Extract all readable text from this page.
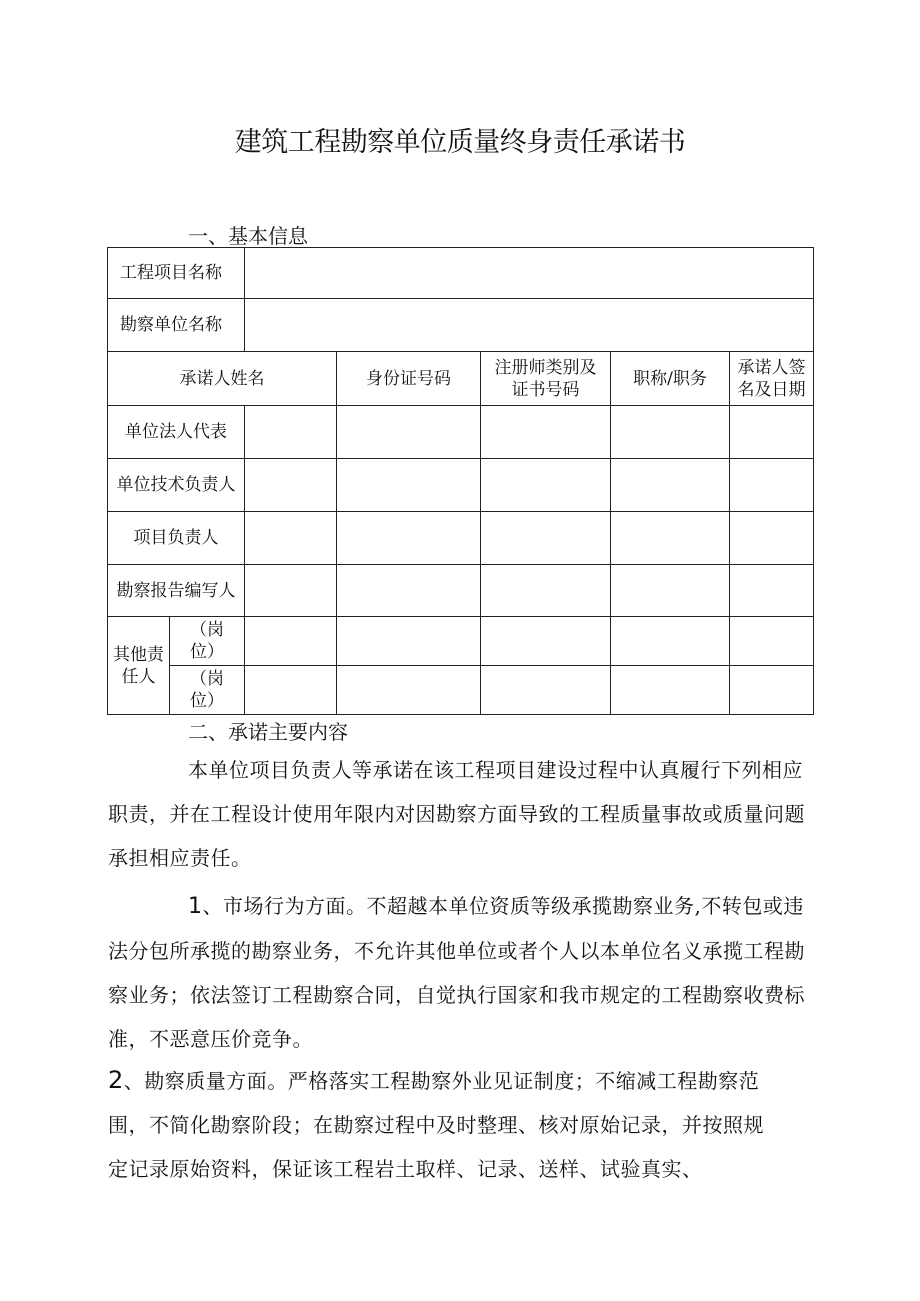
建筑工程勘察单位质量终身责任承诺书
一、基本信息
工程项目名称						
勘察单位名称						
承诺人姓名			身份证号码	注册师类别及证书号码	职称/职务	承诺人签名及日期
单位法人代表						
单位技术负责人						
项目负责人						
勘察报告编写人						
其他责任人	（岗位）					
	（岗位）					
二、承诺主要内容
本单位项目负责人等承诺在该工程项目建设过程中认真履行下列相应职责，并在工程设计使用年限内对因勘察方面导致的工程质量事故或质量问题承担相应责任。
1、市场行为方面。不超越本单位资质等级承揽勘察业务,不转包或违法分包所承揽的勘察业务，不允许其他单位或者个人以本单位名义承揽工程勘察业务；依法签订工程勘察合同，自觉执行国家和我市规定的工程勘察收费标准，不恶意压价竞争。
2、勘察质量方面。严格落实工程勘察外业见证制度；不缩减工程勘察范围，不简化勘察阶段；在勘察过程中及时整理、核对原始记录，并按照规定记录原始资料，保证该工程岩土取样、记录、送样、试验真实、
